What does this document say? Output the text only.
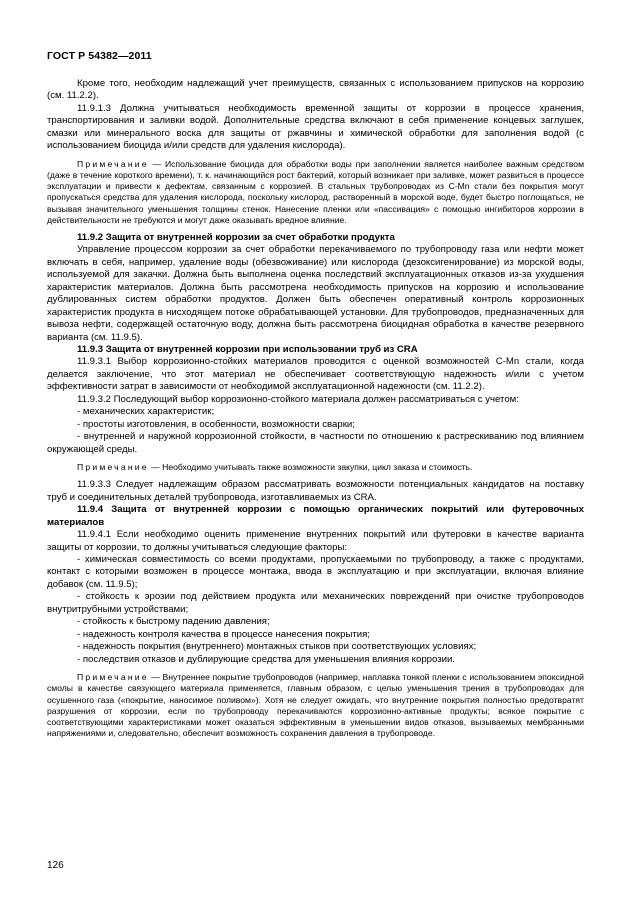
ГОСТ Р 54382—2011

Кроме того, необходим надлежащий учет преимуществ, связанных с использованием припусков на коррозию (см. 11.2.2).

11.9.1.3 Должна учитываться необходимость временной защиты от коррозии в процессе хранения, транспортирования и заливки водой. Дополнительные средства включают в себя применение концевых заглушек, смазки или минерального воска для защиты от ржавчины и химической обработки для заполнения водой (с использованием биоцида и/или средств для удаления кислорода).

Примечание — Использование биоцида для обработки воды при заполнении является наиболее важным средством (даже в течение короткого времени), т. к. начинающийся рост бактерий, который возникает при заливке, может развиться в процессе эксплуатации и привести к дефектам, связанным с коррозией. В стальных трубопроводах из C-Mn стали без покрытия могут пропускаться средства для удаления кислорода, поскольку кислород, растворенный в морской воде, будет быстро поглощаться, не вызывая значительного уменьшения толщины стенок. Нанесение пленки или «пассивация» с помощью ингибиторов коррозии в действительности не требуются и могут даже оказывать вредное влияние.

11.9.2 Защита от внутренней коррозии за счет обработки продукта

Управление процессом коррозии за счет обработки перекачиваемого по трубопроводу газа или нефти может включать в себя, например, удаление воды (обезвоживание) или кислорода (дезоксигенирование) из морской воды, используемой для закачки. Должна быть выполнена оценка последствий эксплуатационных отказов из-за ухудшения характеристик материалов. Должна быть рассмотрена необходимость припусков на коррозию и использование дублированных систем обработки продуктов. Должен быть обеспечен оперативный контроль коррозионных характеристик продукта в нисходящем потоке обрабатывающей установки. Для трубопроводов, предназначенных для вывоза нефти, содержащей остаточную воду, должна быть рассмотрена биоцидная обработка в качестве резервного варианта (см. 11.9.5).

11.9.3 Защита от внутренней коррозии при использовании труб из CRA

11.9.3.1 Выбор коррозионно-стойких материалов проводится с оценкой возможностей C-Mn стали, когда делается заключение, что этот материал не обеспечивает соответствующую надежность и/или с учетом эффективности затрат в зависимости от необходимой эксплуатационной надежности (см. 11.2.2).

11.9.3.2 Последующий выбор коррозионно-стойкого материала должен рассматриваться с учетом:

- механических характеристик;

- простоты изготовления, в особенности, возможности сварки;

- внутренней и наружной коррозионной стойкости, в частности по отношению к растрескиванию под влиянием окружающей среды.

Примечание — Необходимо учитывать также возможности закупки, цикл заказа и стоимость.

11.9.3.3 Следует надлежащим образом рассматривать возможности потенциальных кандидатов на поставку труб и соединительных деталей трубопровода, изготавливаемых из CRA.

11.9.4 Защита от внутренней коррозии с помощью органических покрытий или футеровочных материалов

11.9.4.1 Если необходимо оценить применение внутренних покрытий или футеровки в качестве варианта защиты от коррозии, то должны учитываться следующие факторы:

- химическая совместимость со всеми продуктами, пропускаемыми по трубопроводу, а также с продуктами, контакт с которыми возможен в процессе монтажа, ввода в эксплуатацию и при эксплуатации, включая влияние добавок (см. 11.9.5);

- стойкость к эрозии под действием продукта или механических повреждений при очистке трубопроводов внутритрубными устройствами;

- стойкость к быстрому падению давления;

- надежность контроля качества в процессе нанесения покрытия;

- надежность покрытия (внутреннего) монтажных стыков при соответствующих условиях;

- последствия отказов и дублирующие средства для уменьшения влияния коррозии.

Примечание — Внутреннее покрытие трубопроводов (например, наплавка тонкой пленки с использованием эпоксидной смолы в качестве связующего материала применяется, главным образом, с целью уменьшения трения в трубопроводах для осушенного газа («покрытие, наносимое поливом»). Хотя не следует ожидать, что внутренние покрытия полностью предотвратят разрушения от коррозии, если по трубопроводу перекачиваются коррозионно-активные продукты; всякое покрытие с соответствующими характеристиками может оказаться эффективным в уменьшении видов отказов, вызываемых мембранными напряжениями и, следовательно, обеспечит возможность сохранения давления в трубопроводе.

126
